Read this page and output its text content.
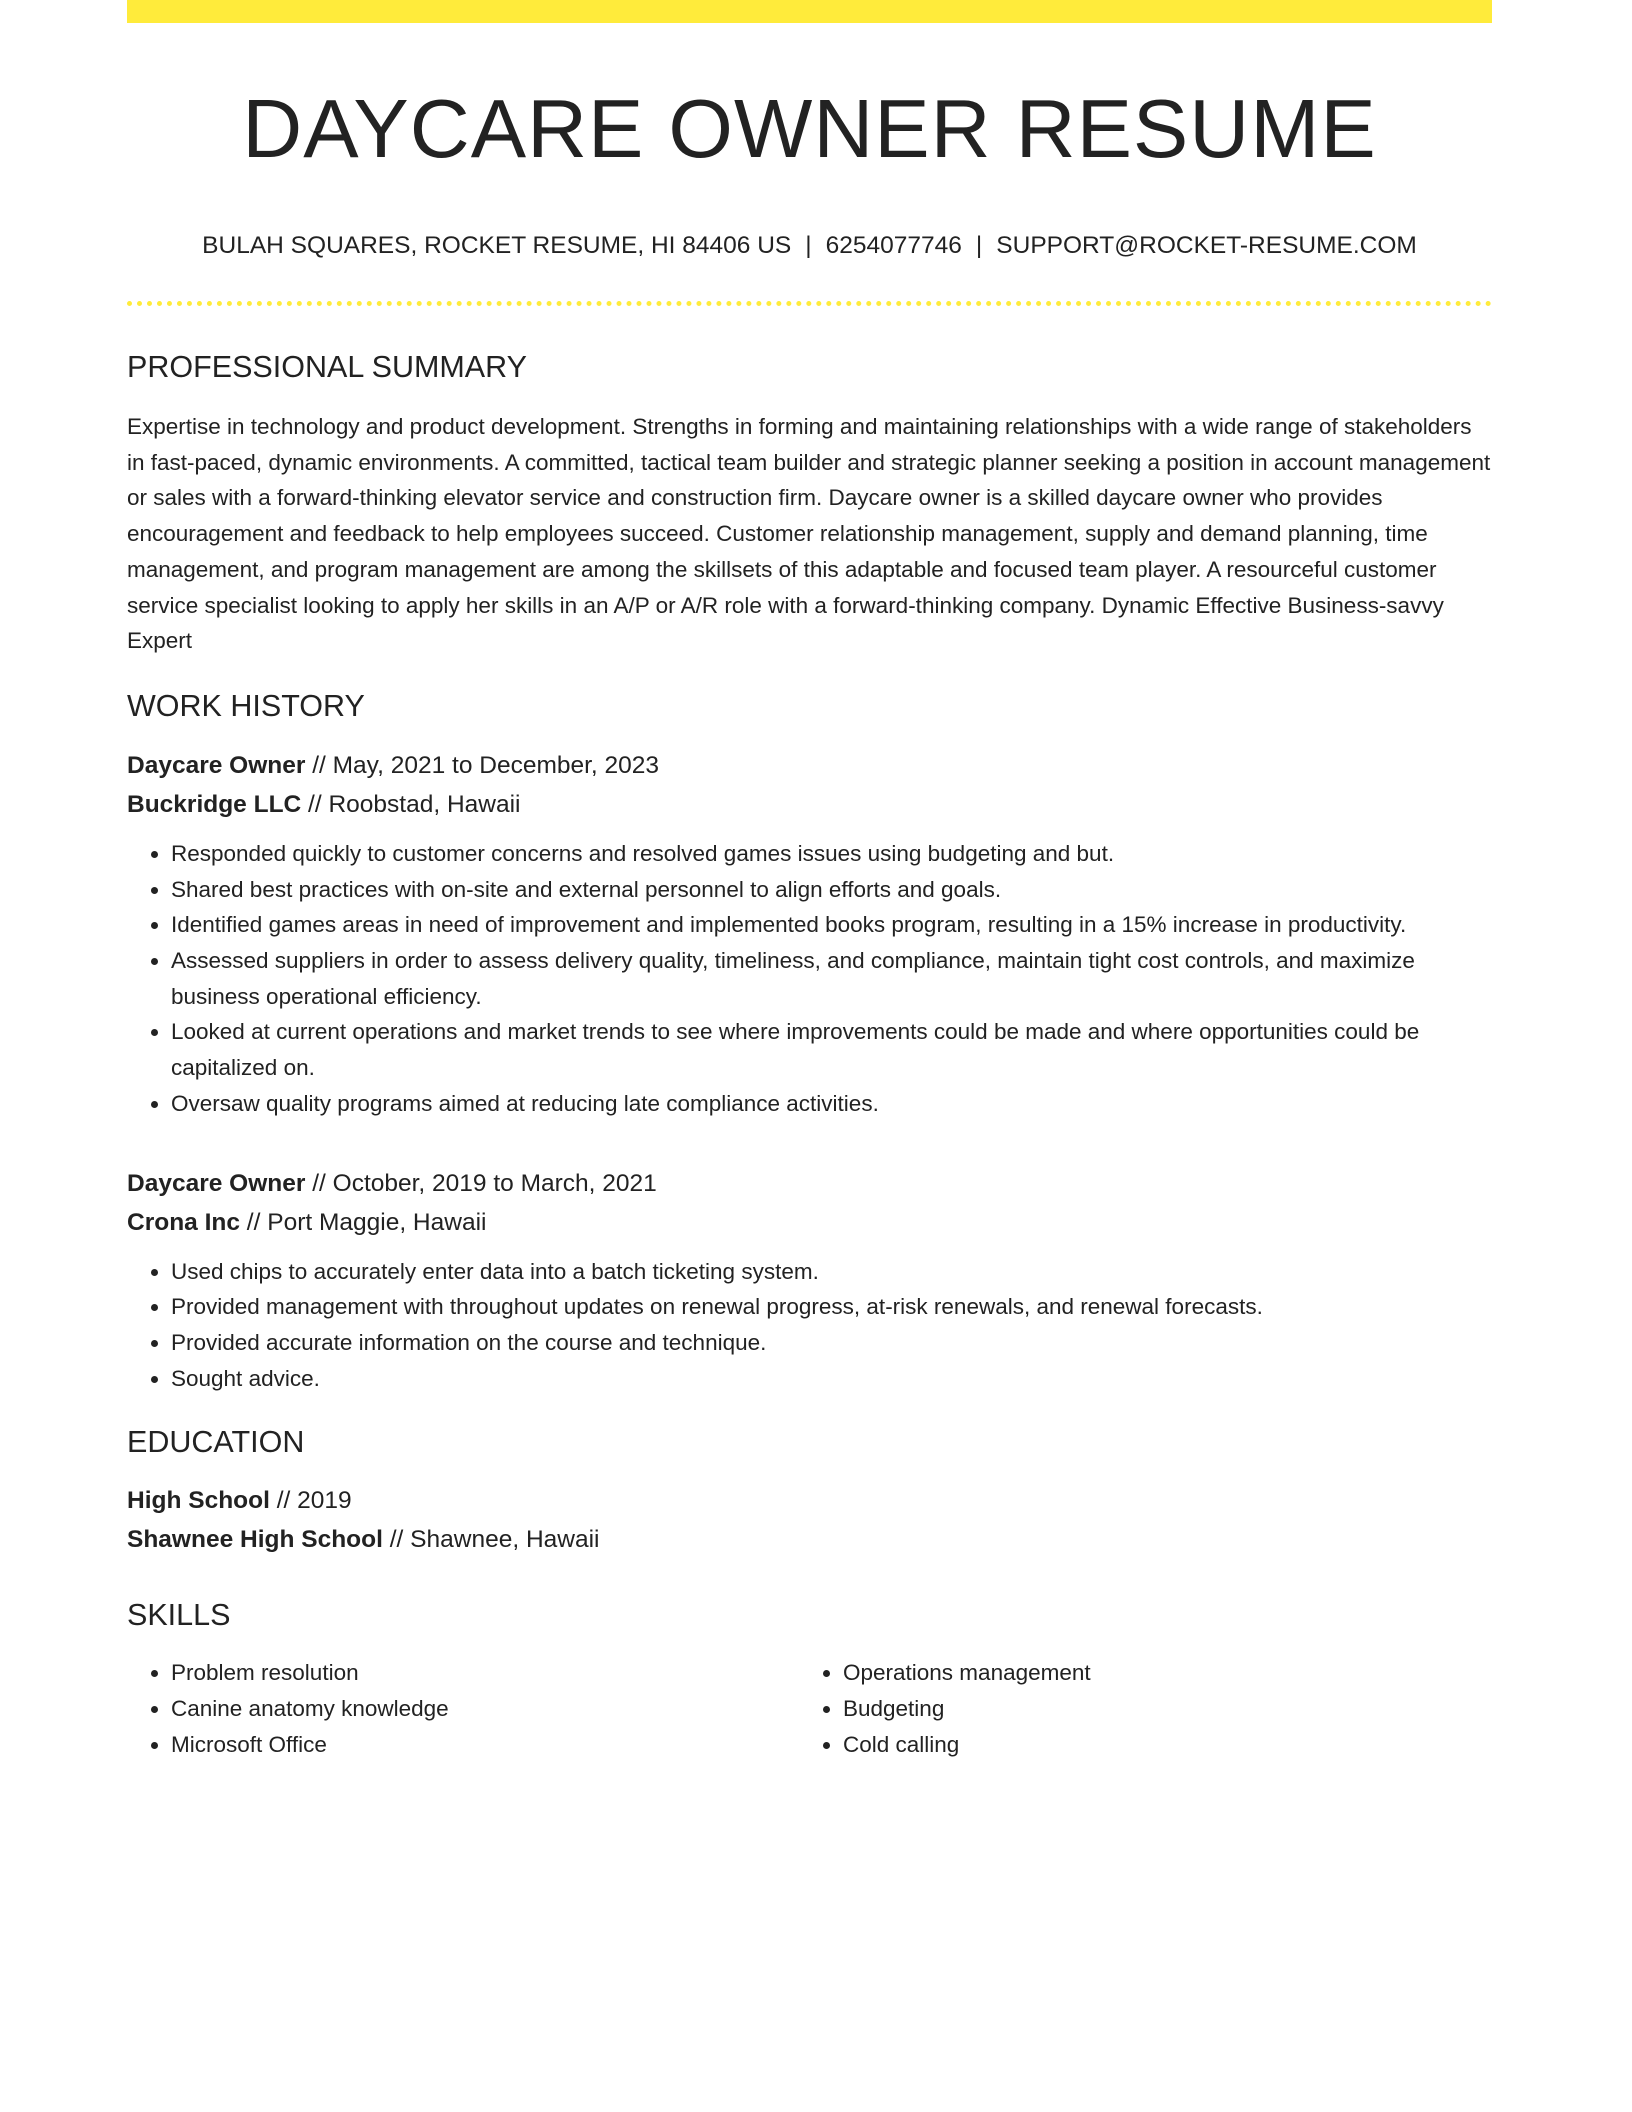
DAYCARE OWNER RESUME
BULAH SQUARES, ROCKET RESUME, HI 84406 US | 6254077746 | SUPPORT@ROCKET-RESUME.COM
PROFESSIONAL SUMMARY

Expertise in technology and product development. Strengths in forming and maintaining relationships with a wide range of stakeholders in fast-paced, dynamic environments. A committed, tactical team builder and strategic planner seeking a position in account management or sales with a forward-thinking elevator service and construction firm. Daycare owner is a skilled daycare owner who provides encouragement and feedback to help employees succeed. Customer relationship management, supply and demand planning, time management, and program management are among the skillsets of this adaptable and focused team player. A resourceful customer service specialist looking to apply her skills in an A/P or A/R role with a forward-thinking company. Dynamic Effective Business-savvy Expert

WORK HISTORY
Daycare Owner // May, 2021 to December, 2023
Buckridge LLC // Roobstad, Hawaii
• Responded quickly to customer concerns and resolved games issues using budgeting and but.
• Shared best practices with on-site and external personnel to align efforts and goals.
• Identified games areas in need of improvement and implemented books program, resulting in a 15% increase in productivity.
• Assessed suppliers in order to assess delivery quality, timeliness, and compliance, maintain tight cost controls, and maximize business operational efficiency.
• Looked at current operations and market trends to see where improvements could be made and where opportunities could be capitalized on.
• Oversaw quality programs aimed at reducing late compliance activities.
Daycare Owner // October, 2019 to March, 2021
Crona Inc // Port Maggie, Hawaii
• Used chips to accurately enter data into a batch ticketing system.
• Provided management with throughout updates on renewal progress, at-risk renewals, and renewal forecasts.
• Provided accurate information on the course and technique.
• Sought advice.
EDUCATION
High School // 2019
Shawnee High School // Shawnee, Hawaii
SKILLS
• Problem resolution
• Canine anatomy knowledge
• Microsoft Office
• Operations management
• Budgeting
• Cold calling
